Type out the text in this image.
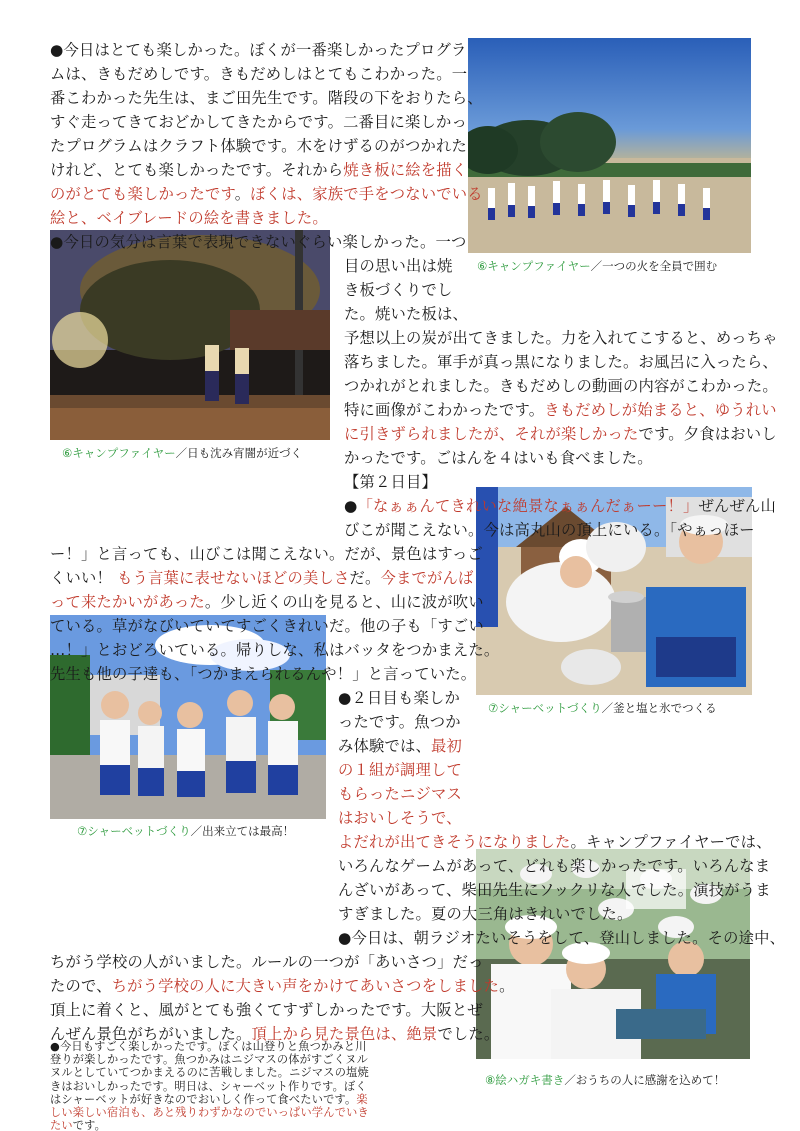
⑥キャンプファイヤー／一つの火を全員で囲む
⑥キャンプファイヤー／日も沈み宵闇が近づく
⑦シャーベットづくり／釜と塩と氷でつくる
⑦シャーベットづくり／出来立ては最高！
⑧絵ハガキ書き／おうちの人に感謝を込めて！
●今日はとても楽しかった。ぼくが一番楽しかったプログラ
ムは、きもだめしです。きもだめしはとてもこわかった。一
番こわかった先生は、まご田先生です。階段の下をおりたら、
すぐ走ってきておどかしてきたからです。二番目に楽しかっ
たプログラムはクラフト体験です。木をけずるのがつかれた
けれど、とても楽しかったです。それから焼き板に絵を描く
のがとても楽しかったです。ぼくは、家族で手をつないでいる
絵と、ベイブレードの絵を書きました。
●今日の気分は言葉で表現できないぐらい楽しかった。一つ
目の思い出は焼
き板づくりでし
た。焼いた板は、
予想以上の炭が出てきました。力を入れてこすると、めっちゃ
落ちました。軍手が真っ黒になりました。お風呂に入ったら、
つかれがとれました。きもだめしの動画の内容がこわかった。
特に画像がこわかったです。きもだめしが始まると、ゆうれい
に引きずられましたが、それが楽しかったです。夕食はおいし
かったです。ごはんを４はいも食べました。
【第２日目】
●「なぁぁんてきれいな絶景なぁぁんだぁーー！」ぜんぜん山
びこが聞こえない。今は高丸山の頂上にいる。「やぁっほー
ー！」と言っても、山びこは聞こえない。だが、景色はすっご
くいい！ もう言葉に表せないほどの美しさだ。今までがんば
って来たかいがあった。少し近くの山を見ると、山に波が吹い
ている。草がなびいていてすごくきれいだ。他の子も「すごい
…！」とおどろいている。帰りしな、私はバッタをつかまえた。
先生も他の子達も、「つかまえられるんや！」と言っていた。
●２日目も楽しか
ったです。魚つか
み体験では、最初
の１組が調理して
もらったニジマス
はおいしそうで、
よだれが出てきそうになりました。キャンプファイヤーでは、
いろんなゲームがあって、どれも楽しかったです。いろんなま
んざいがあって、柴田先生にソックリな人でした。演技がうま
すぎました。夏の大三角はきれいでした。
●今日は、朝ラジオたいそうをして、登山しました。その途中、
ちがう学校の人がいました。ルールの一つが「あいさつ」だっ
たので、ちがう学校の人に大きい声をかけてあいさつをしました。
頂上に着くと、風がとても強くてすずしかったです。大阪とぜ
んぜん景色がちがいました。頂上から見た景色は、絶景でした。
●今日もすごく楽しかったです。ぼくは山登りと魚つかみと川
登りが楽しかったです。魚つかみはニジマスの体がすごくヌル
ヌルとしていてつかまえるのに苦戦しました。ニジマスの塩焼
きはおいしかったです。明日は、シャーベット作りです。ぼく
はシャーベットが好きなのでおいしく作って食べたいです。楽
しい楽しい宿泊も、あと残りわずかなのでいっぱい学んでいき
たいです。
